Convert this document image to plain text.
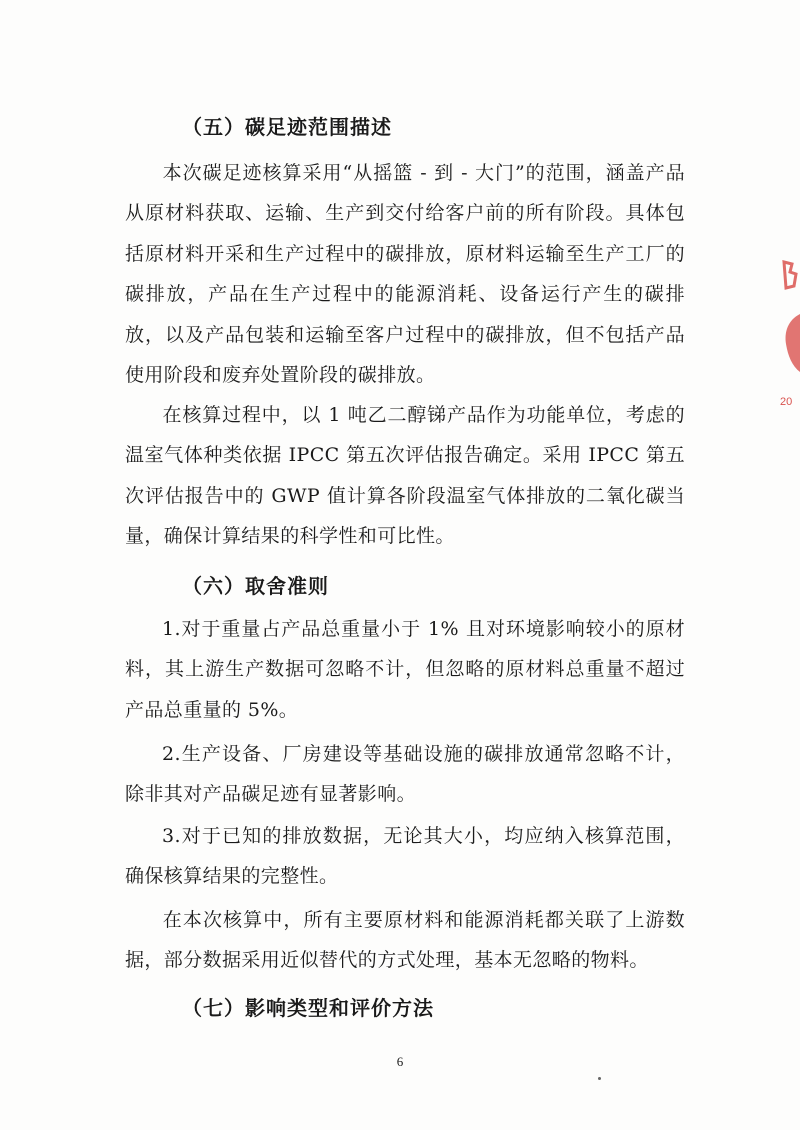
（五）碳足迹范围描述
本次碳足迹核算采用“从摇篮 - 到 - 大门”的范围，涵盖产品从原材料获取、运输、生产到交付给客户前的所有阶段。具体包括原材料开采和生产过程中的碳排放，原材料运输至生产工厂的碳排放，产品在生产过程中的能源消耗、设备运行产生的碳排放，以及产品包装和运输至客户过程中的碳排放，但不包括产品使用阶段和废弃处置阶段的碳排放。
在核算过程中，以 1 吨乙二醇锑产品作为功能单位，考虑的温室气体种类依据 IPCC 第五次评估报告确定。采用 IPCC 第五次评估报告中的 GWP 值计算各阶段温室气体排放的二氧化碳当量，确保计算结果的科学性和可比性。
（六）取舍准则
1.对于重量占产品总重量小于 1% 且对环境影响较小的原材料，其上游生产数据可忽略不计，但忽略的原材料总重量不超过产品总重量的 5%。
2.生产设备、厂房建设等基础设施的碳排放通常忽略不计，除非其对产品碳足迹有显著影响。
3.对于已知的排放数据，无论其大小，均应纳入核算范围，确保核算结果的完整性。
在本次核算中，所有主要原材料和能源消耗都关联了上游数据，部分数据采用近似替代的方式处理，基本无忽略的物料。
（七）影响类型和评价方法
6
20
